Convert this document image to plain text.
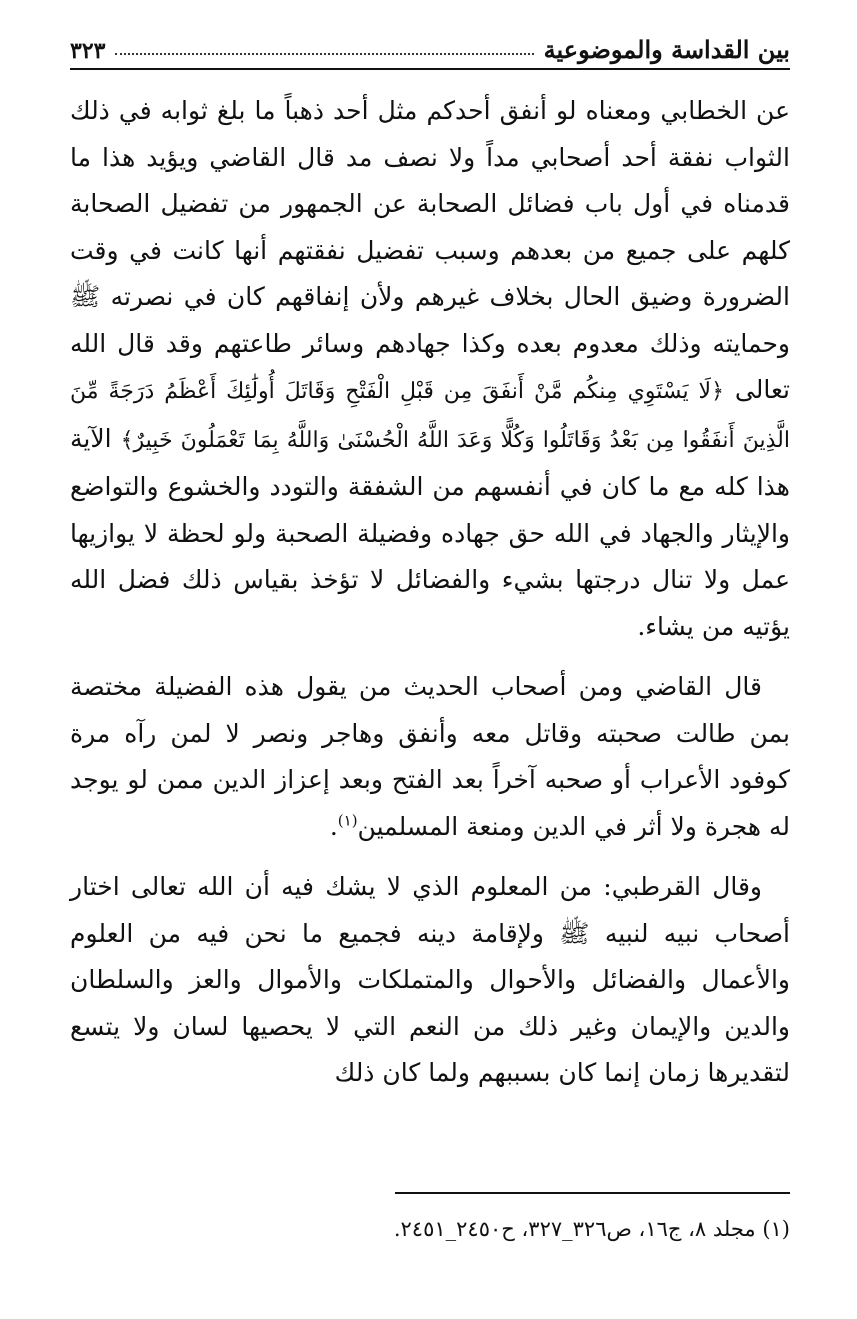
بين القداسة والموضوعية
٣٢٣

عن الخطابي ومعناه لو أنفق أحدكم مثل أحد ذهباً ما بلغ ثوابه في ذلك الثواب نفقة أحد أصحابي مداً ولا نصف مد قال القاضي ويؤيد هذا ما قدمناه في أول باب فضائل الصحابة عن الجمهور من تفضيل الصحابة كلهم على جميع من بعدهم وسبب تفضيل نفقتهم أنها كانت في وقت الضرورة وضيق الحال بخلاف غيرهم ولأن إنفاقهم كان في نصرته ﷺ وحمايته وذلك معدوم بعده وكذا جهادهم وسائر طاعتهم وقد قال الله تعالى ﴿لَا يَسْتَوِي مِنكُم مَّنْ أَنفَقَ مِن قَبْلِ الْفَتْحِ وَقَاتَلَ أُولَٰئِكَ أَعْظَمُ دَرَجَةً مِّنَ الَّذِينَ أَنفَقُوا مِن بَعْدُ وَقَاتَلُوا وَكُلًّا وَعَدَ اللَّهُ الْحُسْنَىٰ وَاللَّهُ بِمَا تَعْمَلُونَ خَبِيرٌ﴾ الآية هذا كله مع ما كان في أنفسهم من الشفقة والتودد والخشوع والتواضع والإيثار والجهاد في الله حق جهاده وفضيلة الصحبة ولو لحظة لا يوازيها عمل ولا تنال درجتها بشيء والفضائل لا تؤخذ بقياس ذلك فضل الله يؤتيه من يشاء.

قال القاضي ومن أصحاب الحديث من يقول هذه الفضيلة مختصة بمن طالت صحبته وقاتل معه وأنفق وهاجر ونصر لا لمن رآه مرة كوفود الأعراب أو صحبه آخراً بعد الفتح وبعد إعزاز الدين ممن لو يوجد له هجرة ولا أثر في الدين ومنعة المسلمين$^{(١)}$.

وقال القرطبي: من المعلوم الذي لا يشك فيه أن الله تعالى اختار أصحاب نبيه لنبيه ﷺ ولإقامة دينه فجميع ما نحن فيه من العلوم والأعمال والفضائل والأحوال والمتملكات والأموال والعز والسلطان والدين والإيمان وغير ذلك من النعم التي لا يحصيها لسان ولا يتسع لتقديرها زمان إنما كان بسببهم ولما كان ذلك

(١) مجلد ٨، ج١٦، ص٣٢٦_٣٢٧، ح٢٤٥٠_٢٤٥١.
